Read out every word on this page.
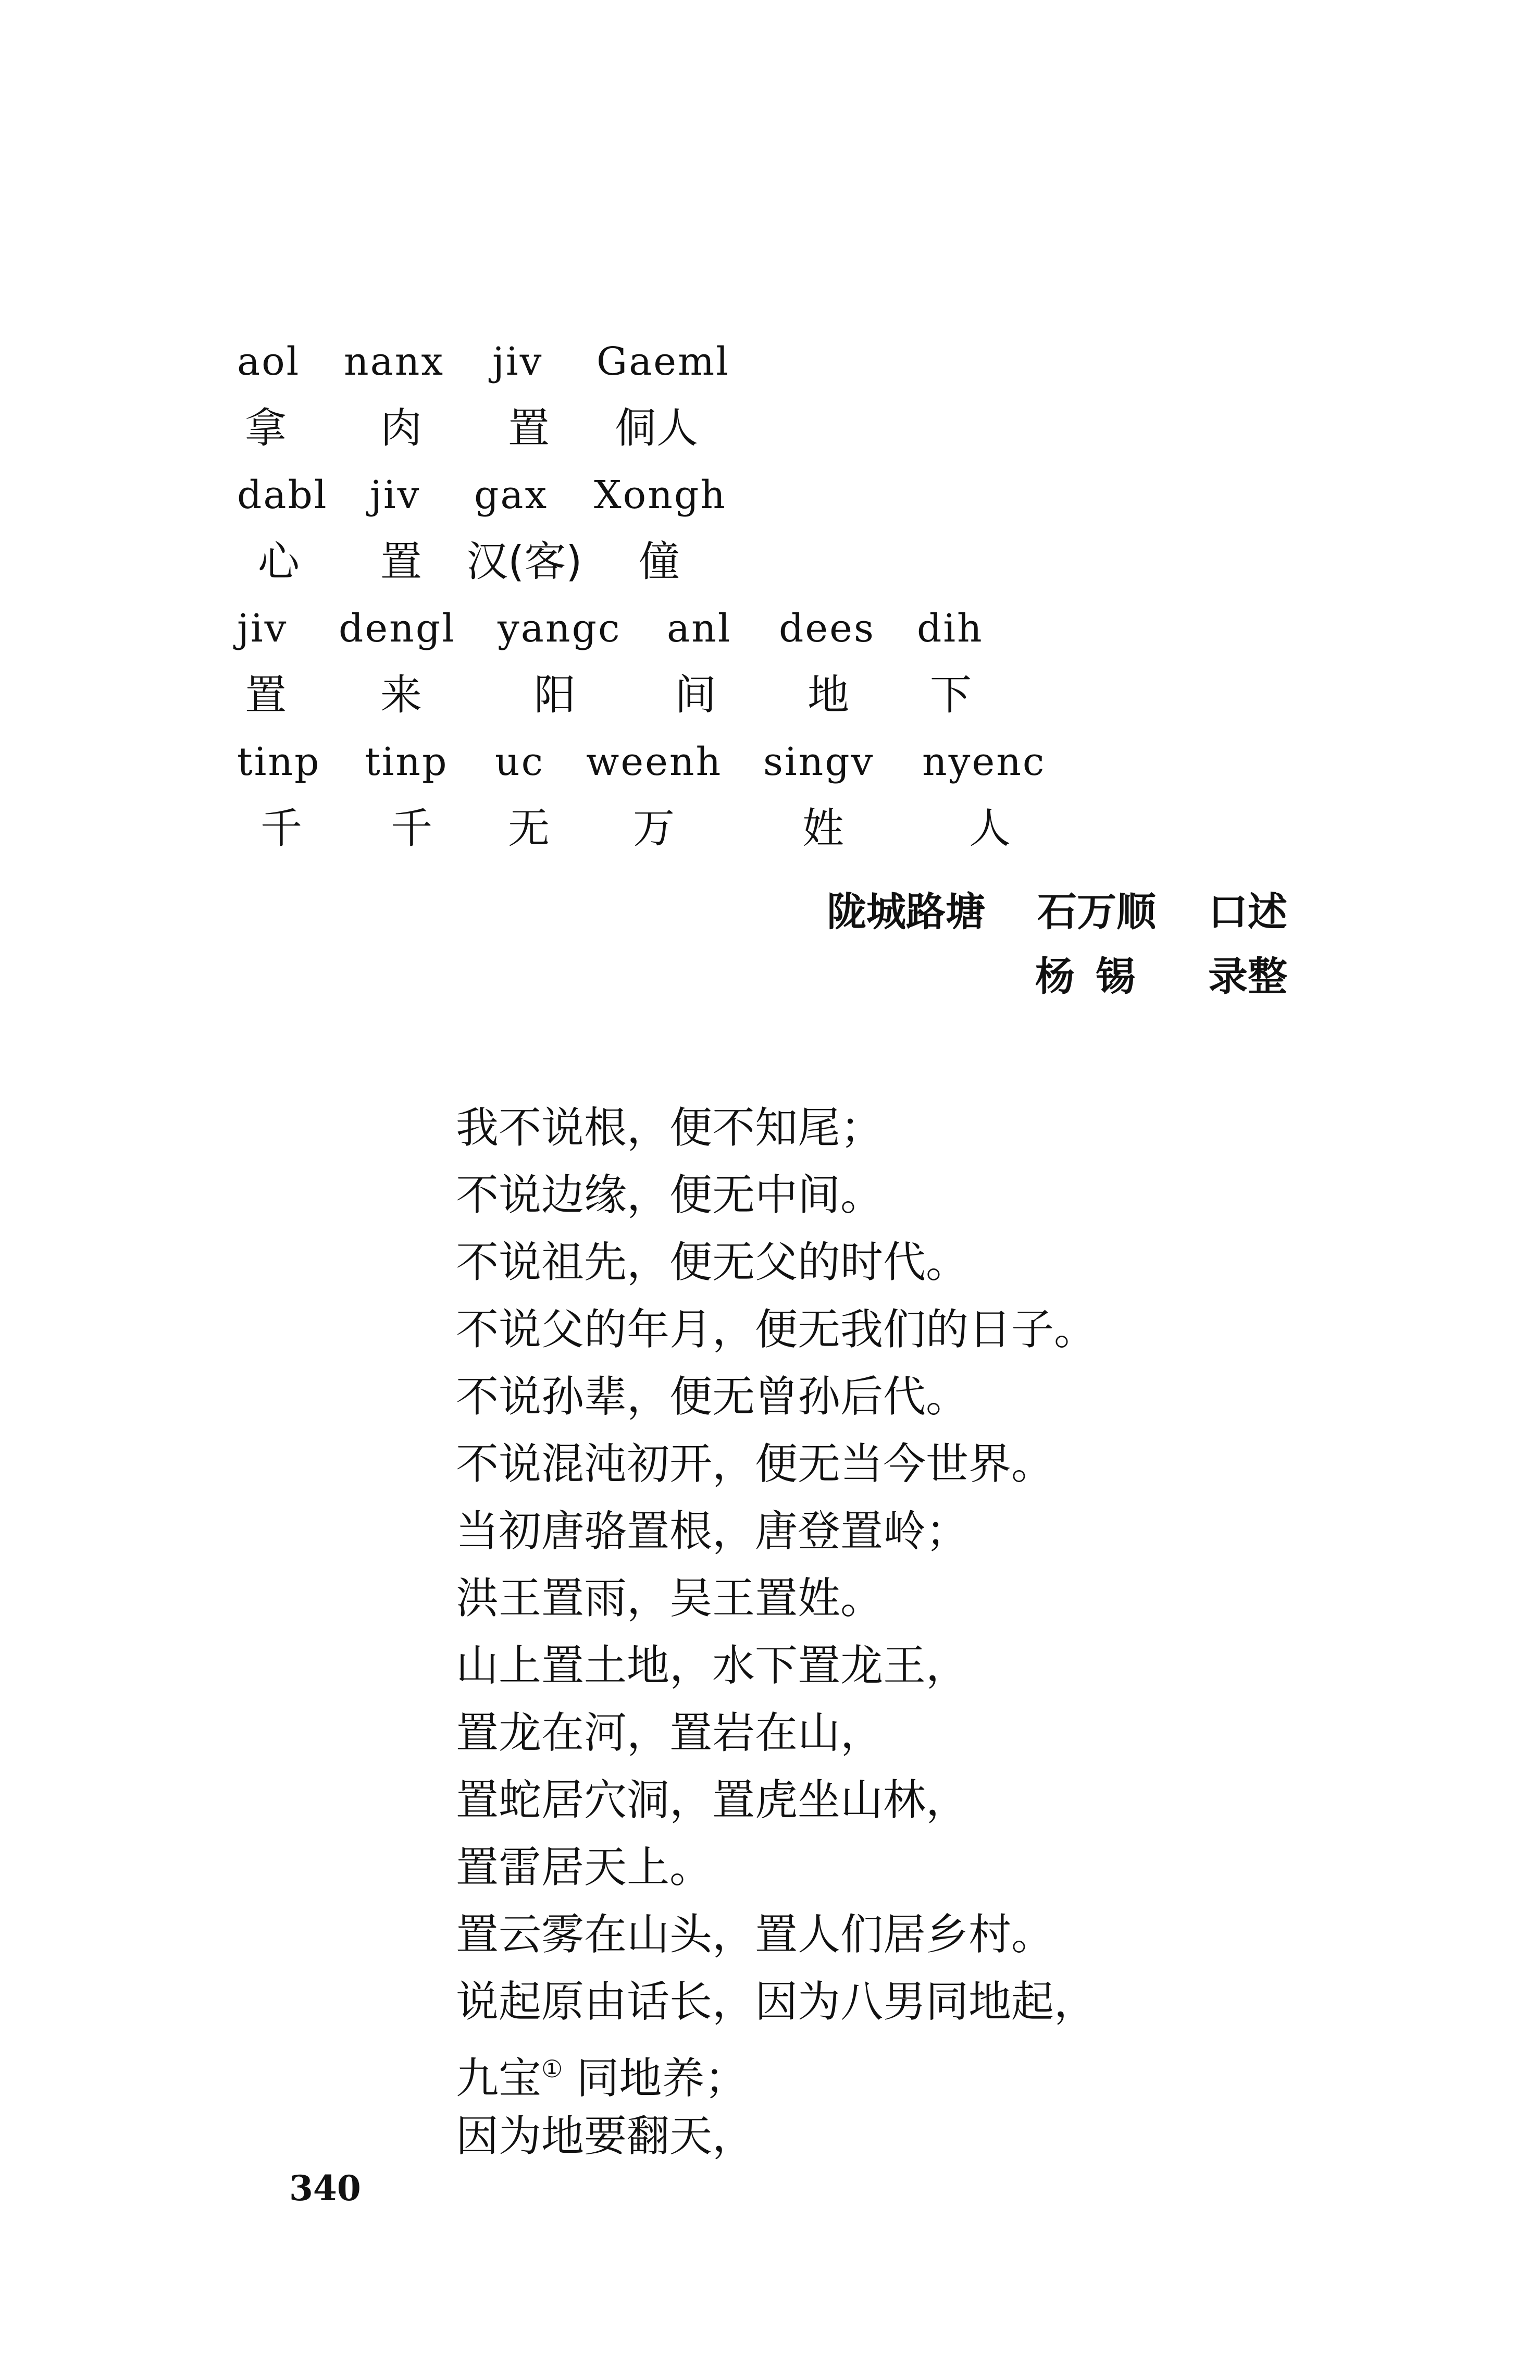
aol nanx jiv Gaeml
拿 肉 置 侗人
dabl jiv gax Xongh
心 置 汉(客) 僮
jiv dengl yangc anl dees dih
置 来	阳 间 地 下
tinp tinp uc weenh singv nyenc
千 千 无 万	姓	人
陇城路塘 石万顺 口述
杨锡 录整
我不说根，便不知尾；
不说边缘，便无中间。
不说祖先，便无父的时代。
不说父的年月，便无我们的日子。
不说孙辈，便无曾孙后代。
不说混沌初开，便无当今世界。
当初唐骆置根，唐登置岭；
洪王置雨，吴王置姓。
山上置土地，水下置龙王，
置龙在河，置岩在山，
置蛇居穴洞，置虎坐山林，
置雷居天上。
置云雾在山头，置人们居乡村。
说起原由话长，因为八男同地起，
九宝① 同地养；
因为地要翻天，
340
